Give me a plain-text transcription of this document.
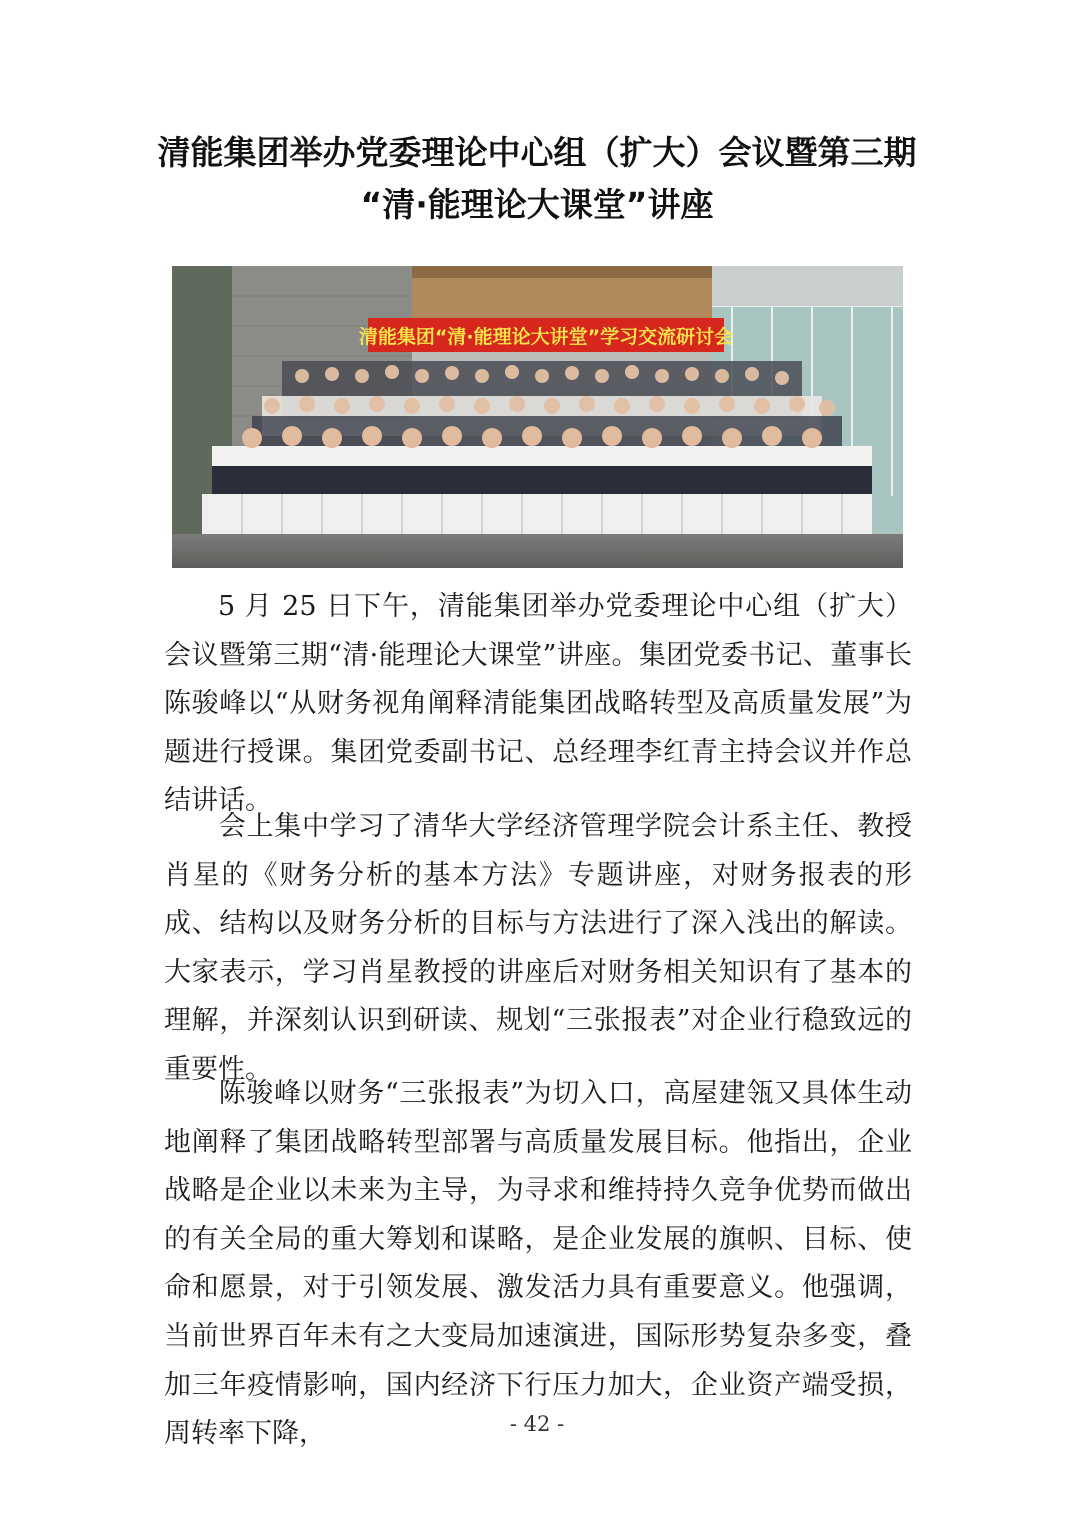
清能集团举办党委理论中心组（扩大）会议暨第三期
“清·能理论大课堂”讲座
清能集团“清·能理论大讲堂”学习交流研讨会

5 月 25 日下午，清能集团举办党委理论中心组（扩大）会议暨第三期“清·能理论大课堂”讲座。集团党委书记、董事长陈骏峰以“从财务视角阐释清能集团战略转型及高质量发展”为题进行授课。集团党委副书记、总经理李红青主持会议并作总结讲话。

会上集中学习了清华大学经济管理学院会计系主任、教授肖星的《财务分析的基本方法》专题讲座，对财务报表的形成、结构以及财务分析的目标与方法进行了深入浅出的解读。大家表示，学习肖星教授的讲座后对财务相关知识有了基本的理解，并深刻认识到研读、规划“三张报表”对企业行稳致远的重要性。

陈骏峰以财务“三张报表”为切入口，高屋建瓴又具体生动地阐释了集团战略转型部署与高质量发展目标。他指出，企业战略是企业以未来为主导，为寻求和维持持久竞争优势而做出的有关全局的重大筹划和谋略，是企业发展的旗帜、目标、使命和愿景，对于引领发展、激发活力具有重要意义。他强调，当前世界百年未有之大变局加速演进，国际形势复杂多变，叠加三年疫情影响，国内经济下行压力加大，企业资产端受损，周转率下降，	- 42 -
